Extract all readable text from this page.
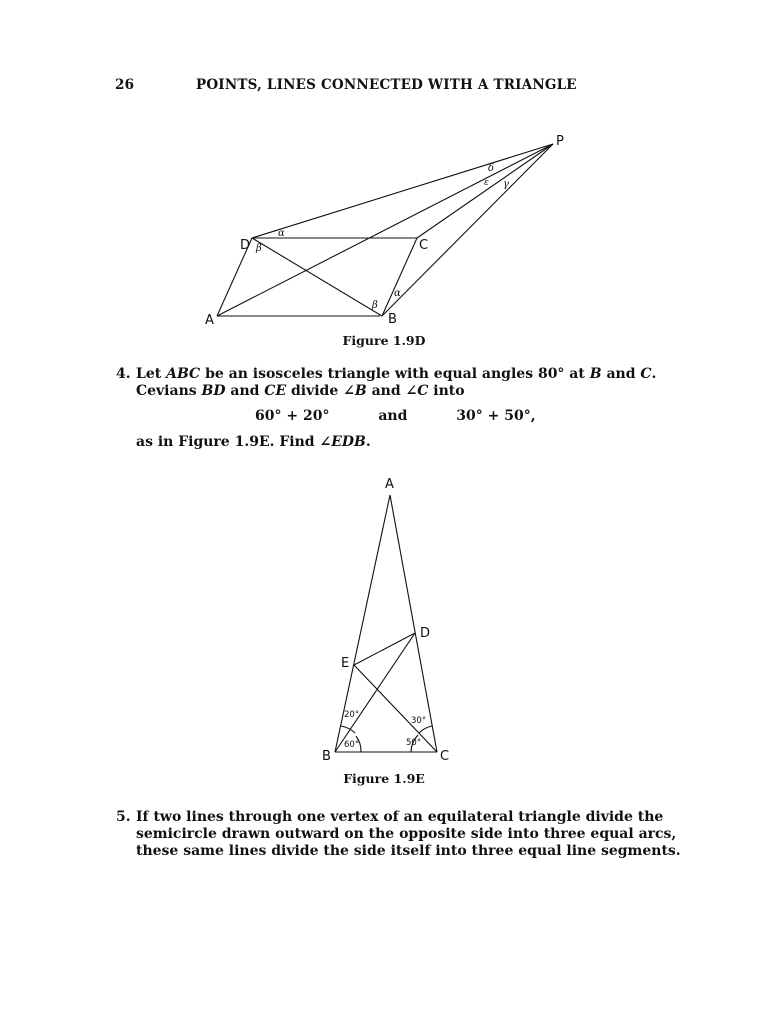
26	POINTS, LINES CONNECTED WITH A TRIANGLE
A	B
C
D
P
α
β
β
α
δ
ε γ
Figure 1.9D
4. Let ABC be an isosceles triangle with equal angles 80° at B and C.
Cevians BD and CE divide ∠B and ∠C into
60° + 20°	and	30° + 50°,
as in Figure 1.9E. Find ∠EDB.
A
B	C
D
E
20°
60°
30°
50°
Figure 1.9E
5. If two lines through one vertex of an equilateral triangle divide the
semicircle drawn outward on the opposite side into three equal arcs,
these same lines divide the side itself into three equal line segments.
